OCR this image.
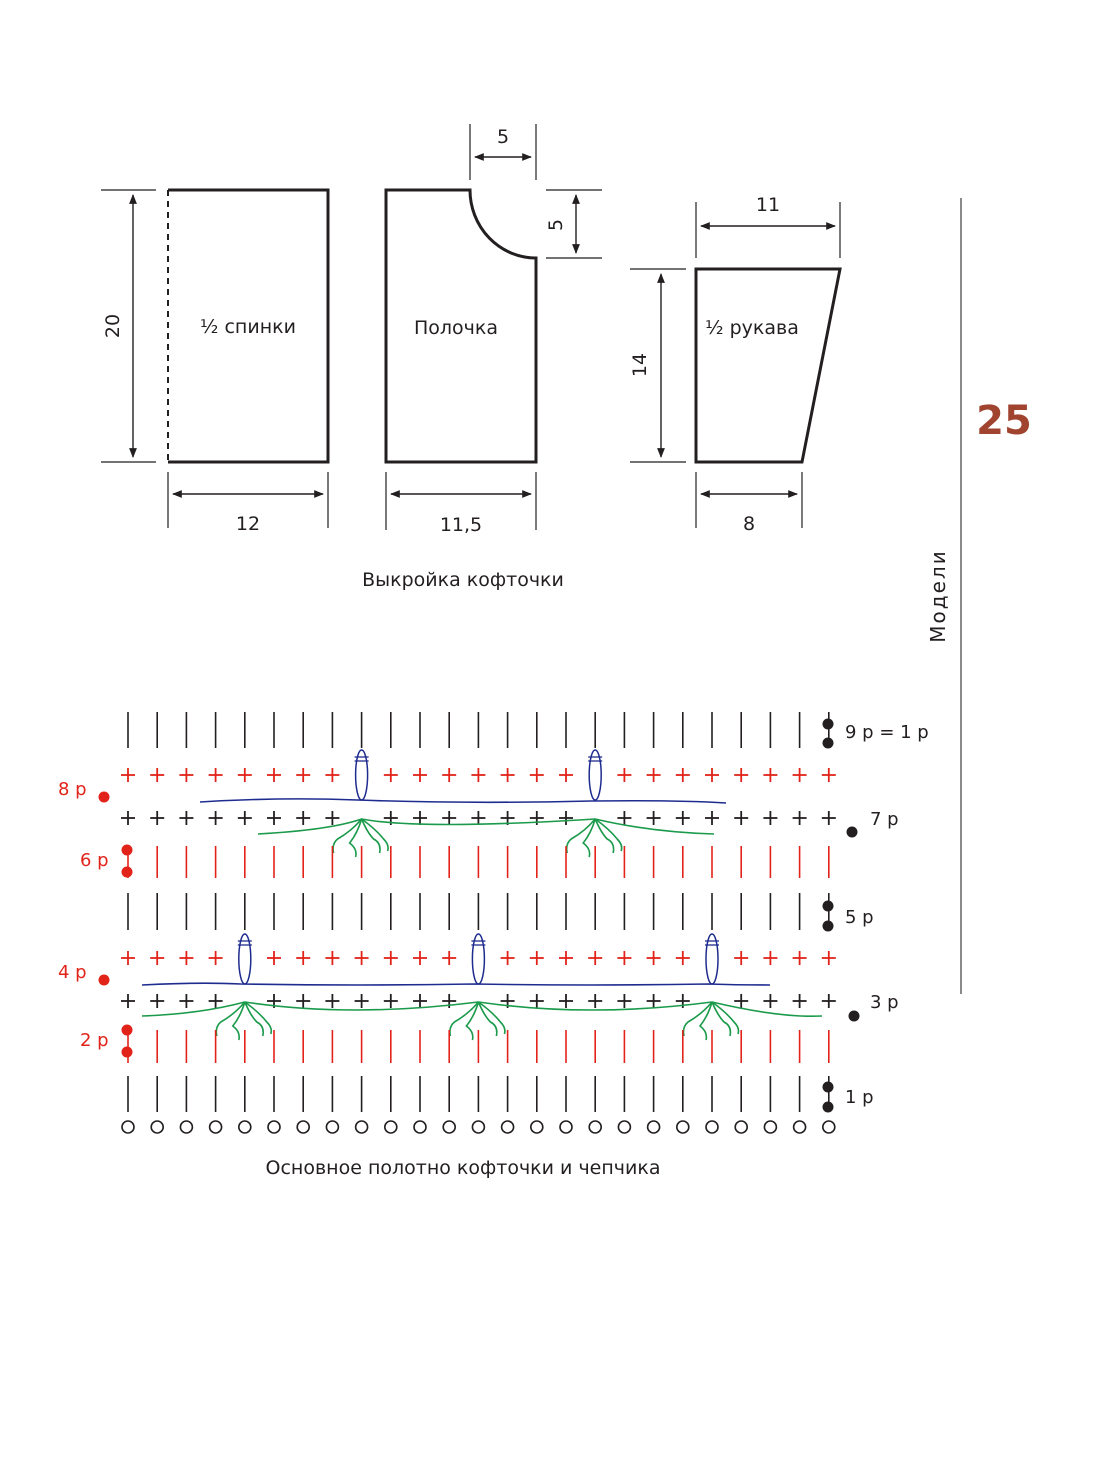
½ спинки
20
12
Полочка
5
5
11,5
½ рукава
11
14
8
Выкройка кофточки
25
Модели
9 р = 1 р
8 р
7 р
6 р
5 р
4 р
3 р
2 р
1 р
Основное полотно кофточки и чепчика
